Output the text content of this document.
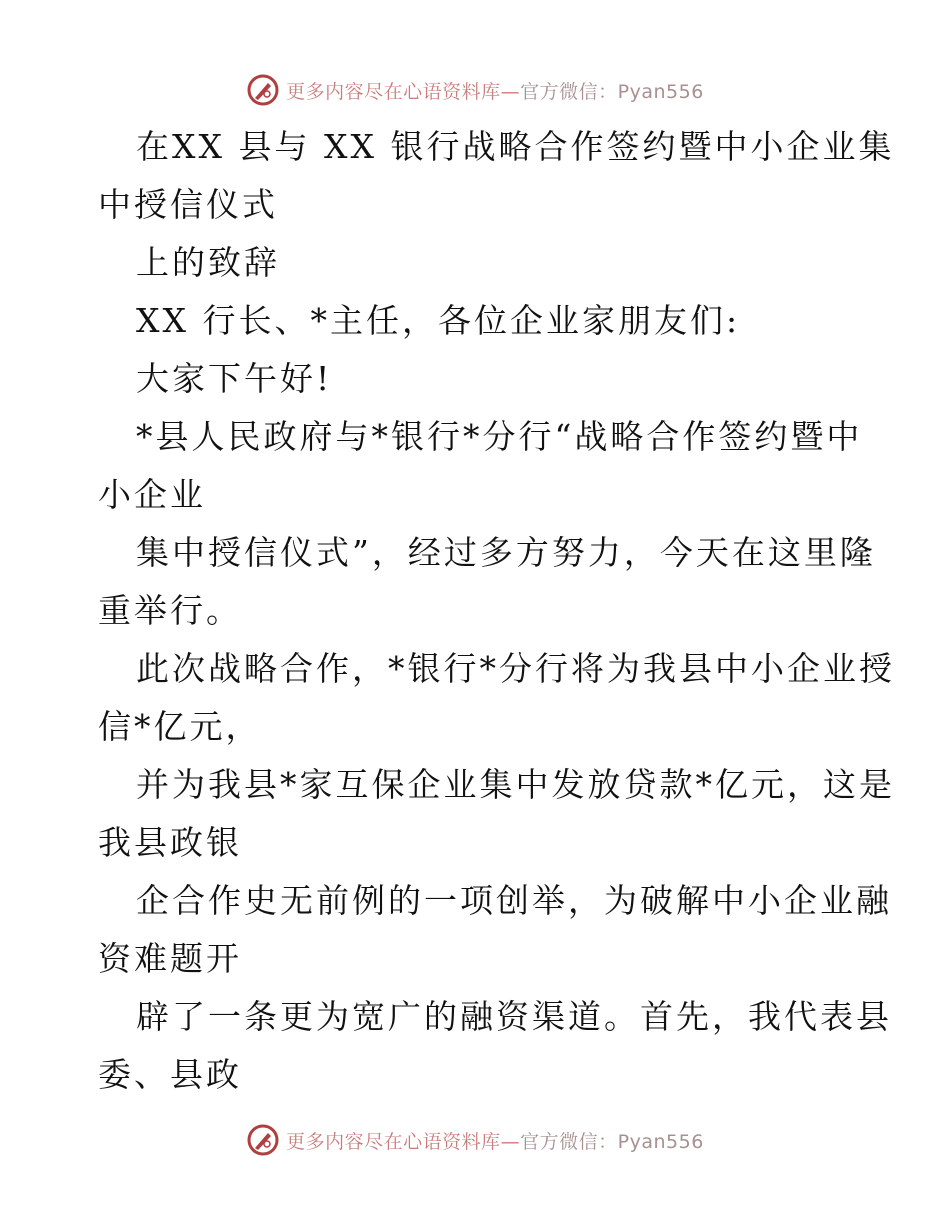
更多内容尽在心语资料库—官方微信：Pyan556
在XX 县与 XX 银行战略合作签约暨中小企业集
中授信仪式
上的致辞
XX 行长、*主任，各位企业家朋友们:
大家下午好!
*县人民政府与*银行*分行“战略合作签约暨中
小企业
集中授信仪式”，经过多方努力，今天在这里隆
重举行。
此次战略合作，*银行*分行将为我县中小企业授
信*亿元，
并为我县*家互保企业集中发放贷款*亿元，这是
我县政银
企合作史无前例的一项创举，为破解中小企业融
资难题开
辟了一条更为宽广的融资渠道。首先，我代表县
委、县政
更多内容尽在心语资料库—官方微信：Pyan556
